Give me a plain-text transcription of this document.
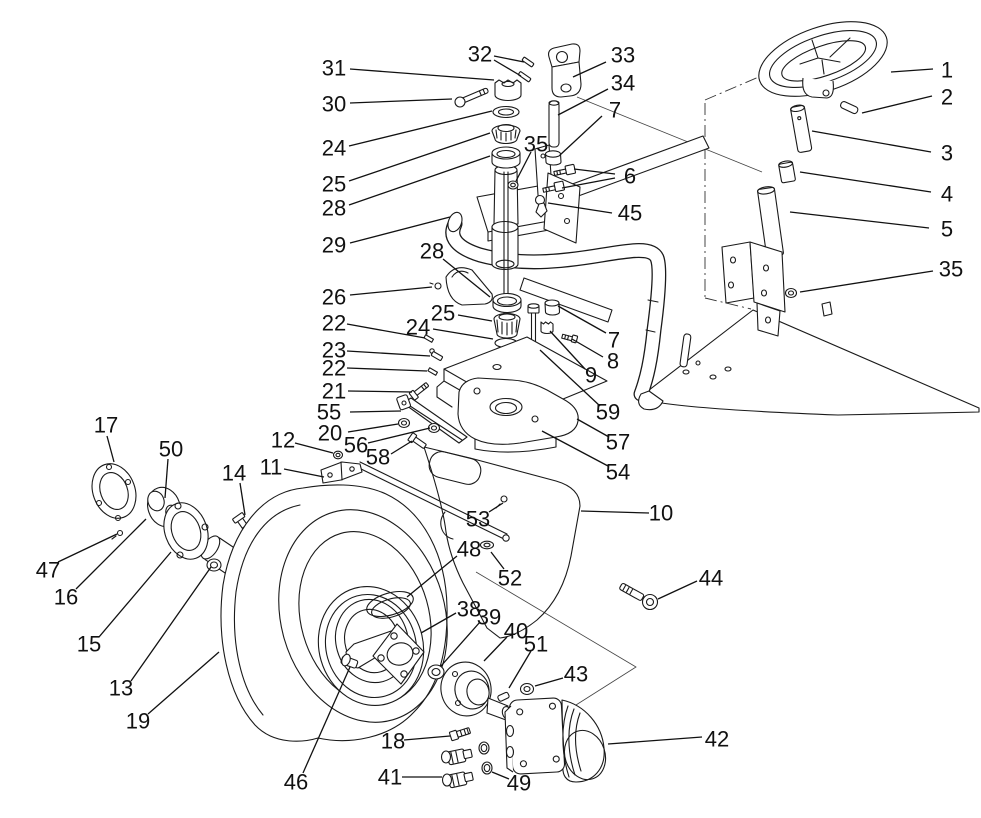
1
2
3
4
5
35
33
32
34
7
35
6
45
31
30
24
25
28
29
26
28
25
24
22
23
22
21
55
20 56
58
12
11
7
8
9
59
57
54
10
53
52
48
38
39
40
51
43
18
41	49
42
44
46
19
13
15
16
47
17
50
14
